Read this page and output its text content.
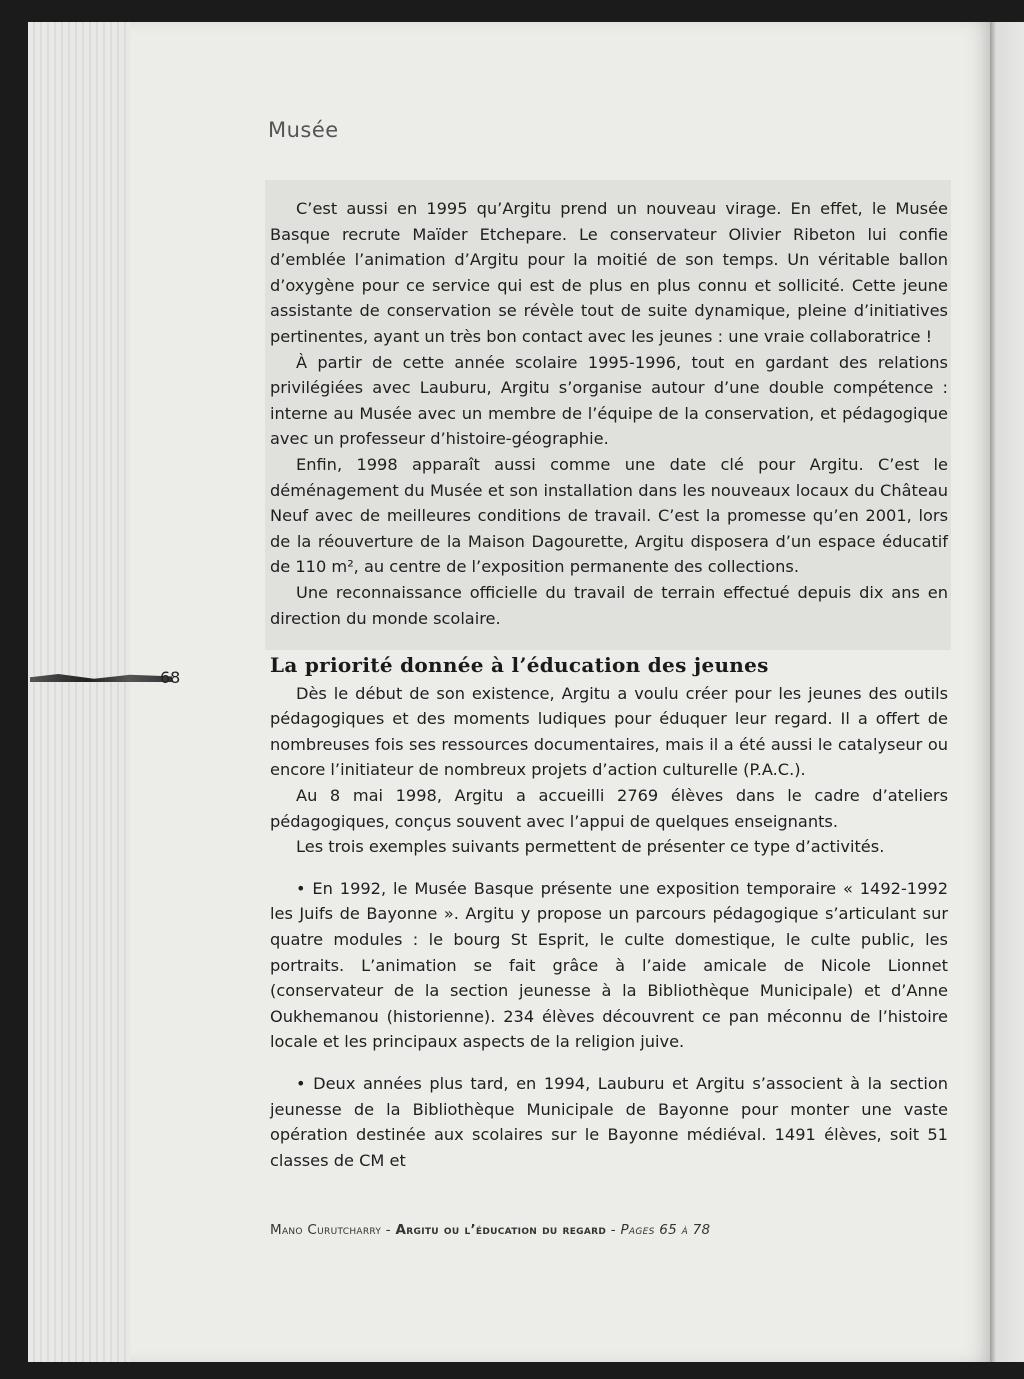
Musée
68

C’est aussi en 1995 qu’Argitu prend un nouveau virage. En effet, le Musée Basque recrute Maïder Etchepare. Le conservateur Olivier Ribeton lui confie d’emblée l’animation d’Argitu pour la moitié de son temps. Un véritable ballon d’oxygène pour ce service qui est de plus en plus connu et sollicité. Cette jeune assistante de conservation se révèle tout de suite dynamique, pleine d’initiatives pertinentes, ayant un très bon contact avec les jeunes : une vraie collaboratrice !

À partir de cette année scolaire 1995-1996, tout en gardant des relations privilégiées avec Lauburu, Argitu s’organise autour d’une double compétence : interne au Musée avec un membre de l’équipe de la conservation, et pédagogique avec un professeur d’histoire-géographie.

Enfin, 1998 apparaît aussi comme une date clé pour Argitu. C’est le déménagement du Musée et son installation dans les nouveaux locaux du Château Neuf avec de meilleures conditions de travail. C’est la promesse qu’en 2001, lors de la réouverture de la Maison Dagourette, Argitu disposera d’un espace éducatif de 110 m², au centre de l’exposition permanente des collections.

Une reconnaissance officielle du travail de terrain effectué depuis dix ans en direction du monde scolaire.

La priorité donnée à l’éducation des jeunes

Dès le début de son existence, Argitu a voulu créer pour les jeunes des outils pédagogiques et des moments ludiques pour éduquer leur regard. Il a offert de nombreuses fois ses ressources documentaires, mais il a été aussi le catalyseur ou encore l’initiateur de nombreux projets d’action culturelle (P.A.C.).

Au 8 mai 1998, Argitu a accueilli 2769 élèves dans le cadre d’ateliers pédagogiques, conçus souvent avec l’appui de quelques enseignants.

Les trois exemples suivants permettent de présenter ce type d’activités.

• En 1992, le Musée Basque présente une exposition temporaire « 1492-1992 les Juifs de Bayonne ». Argitu y propose un parcours pédagogique s’articulant sur quatre modules : le bourg St Esprit, le culte domestique, le culte public, les portraits. L’animation se fait grâce à l’aide amicale de Nicole Lionnet (conservateur de la section jeunesse à la Bibliothèque Municipale) et d’Anne Oukhemanou (historienne). 234 élèves découvrent ce pan méconnu de l’histoire locale et les principaux aspects de la religion juive.

• Deux années plus tard, en 1994, Lauburu et Argitu s’associent à la section jeunesse de la Bibliothèque Municipale de Bayonne pour monter une vaste opération destinée aux scolaires sur le Bayonne médiéval. 1491 élèves, soit 51 classes de CM et

Mano Curutcharry - Argitu ou l’éducation du regard - Pages 65 à 78
